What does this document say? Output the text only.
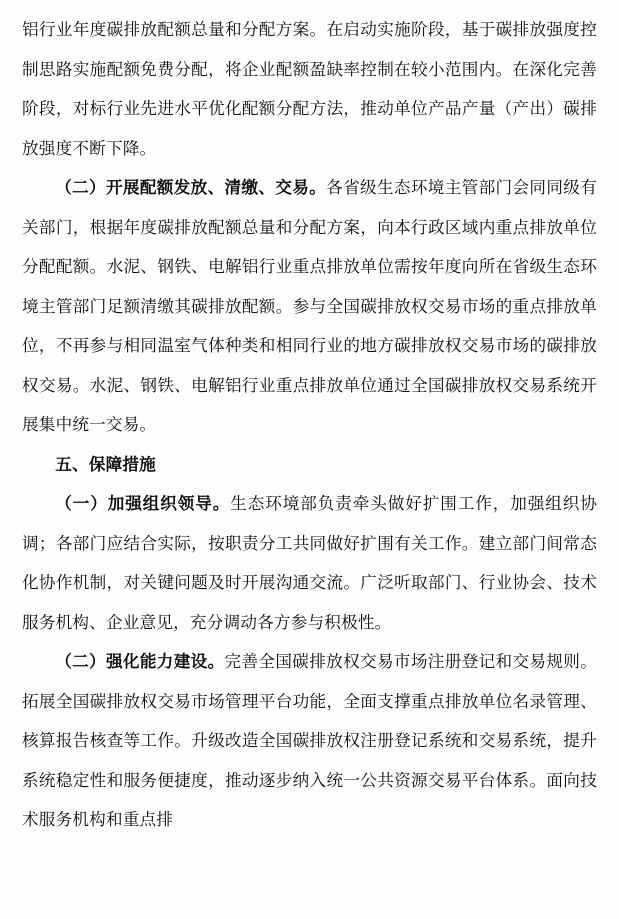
铝行业年度碳排放配额总量和分配方案。在启动实施阶段，基于碳排放强度控制思路实施配额免费分配，将企业配额盈缺率控制在较小范围内。在深化完善阶段，对标行业先进水平优化配额分配方法，推动单位产品产量（产出）碳排放强度不断下降。

（二）开展配额发放、清缴、交易。各省级生态环境主管部门会同同级有关部门，根据年度碳排放配额总量和分配方案，向本行政区域内重点排放单位分配配额。水泥、钢铁、电解铝行业重点排放单位需按年度向所在省级生态环境主管部门足额清缴其碳排放配额。参与全国碳排放权交易市场的重点排放单位，不再参与相同温室气体种类和相同行业的地方碳排放权交易市场的碳排放权交易。水泥、钢铁、电解铝行业重点排放单位通过全国碳排放权交易系统开展集中统一交易。

五、保障措施

（一）加强组织领导。生态环境部负责牵头做好扩围工作，加强组织协调；各部门应结合实际，按职责分工共同做好扩围有关工作。建立部门间常态化协作机制，对关键问题及时开展沟通交流。广泛听取部门、行业协会、技术服务机构、企业意见，充分调动各方参与积极性。

（二）强化能力建设。完善全国碳排放权交易市场注册登记和交易规则。拓展全国碳排放权交易市场管理平台功能，全面支撑重点排放单位名录管理、核算报告核查等工作。升级改造全国碳排放权注册登记系统和交易系统，提升系统稳定性和服务便捷度，推动逐步纳入统一公共资源交易平台体系。面向技术服务机构和重点排
